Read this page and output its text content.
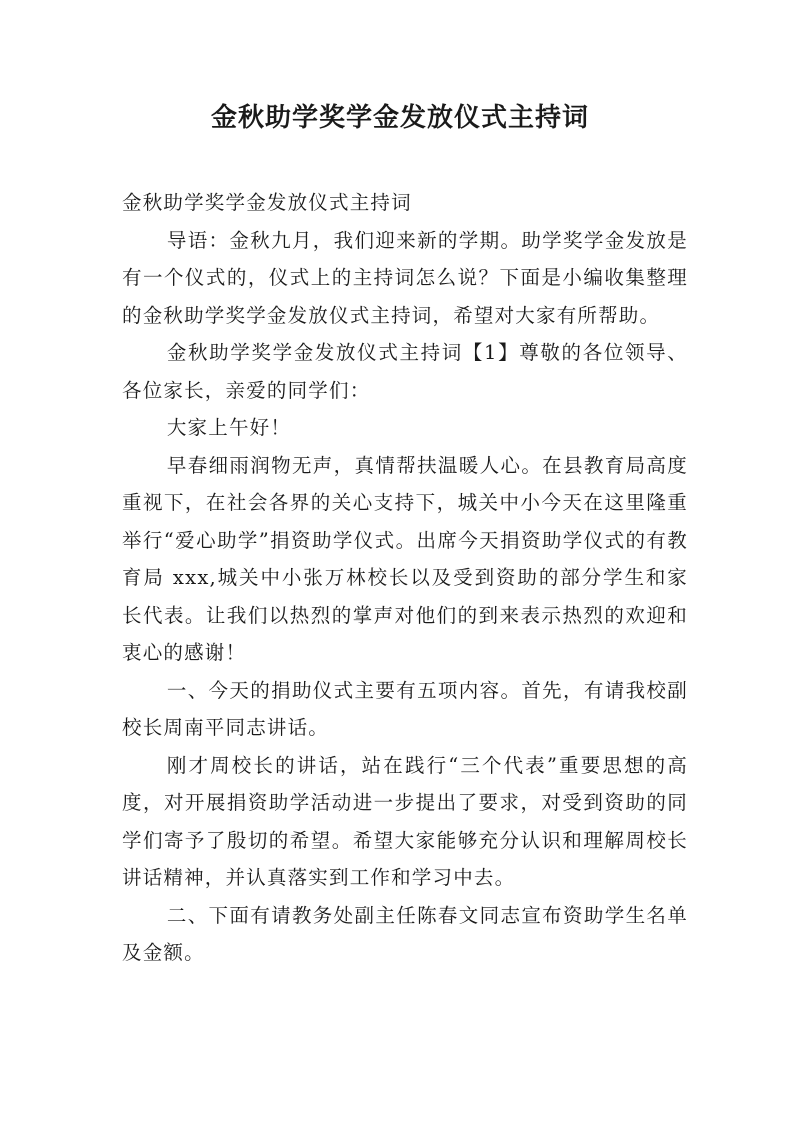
金秋助学奖学金发放仪式主持词

金秋助学奖学金发放仪式主持词

导语：金秋九月，我们迎来新的学期。助学奖学金发放是有一个仪式的，仪式上的主持词怎么说？下面是小编收集整理的金秋助学奖学金发放仪式主持词，希望对大家有所帮助。

金秋助学奖学金发放仪式主持词【1】尊敬的各位领导、各位家长，亲爱的同学们：

大家上午好！

早春细雨润物无声，真情帮扶温暖人心。在县教育局高度重视下，在社会各界的关心支持下，城关中小今天在这里隆重举行“爱心助学”捐资助学仪式。出席今天捐资助学仪式的有教育局 xxx,城关中小张万林校长以及受到资助的部分学生和家长代表。让我们以热烈的掌声对他们的到来表示热烈的欢迎和衷心的感谢！

一、今天的捐助仪式主要有五项内容。首先，有请我校副校长周南平同志讲话。

刚才周校长的讲话，站在践行“三个代表”重要思想的高度，对开展捐资助学活动进一步提出了要求，对受到资助的同学们寄予了殷切的希望。希望大家能够充分认识和理解周校长讲话精神，并认真落实到工作和学习中去。

二、下面有请教务处副主任陈春文同志宣布资助学生名单及金额。
